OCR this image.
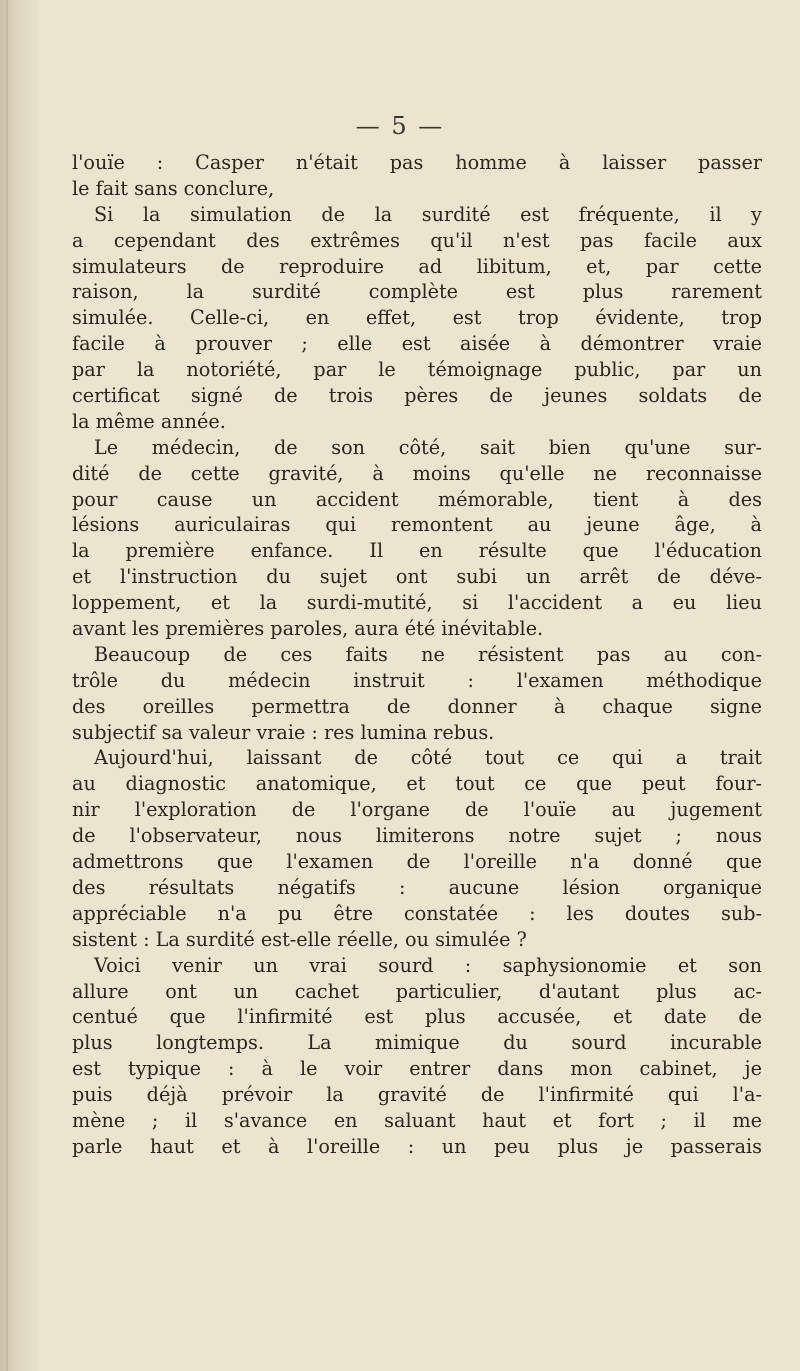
— 5 —
l'ouïe : Casper n'était pas homme à laisser passer
le fait sans conclure,
Si la simulation de la surdité est fréquente, il y
a cependant des extrêmes qu'il n'est pas facile aux
simulateurs de reproduire ad libitum, et, par cette
raison, la surdité complète est plus rarement
simulée. Celle-ci, en effet, est trop évidente, trop
facile à prouver ; elle est aisée à démontrer vraie
par la notoriété, par le témoignage public, par un
certificat signé de trois pères de jeunes soldats de
la même année.
Le médecin, de son côté, sait bien qu'une sur-
dité de cette gravité, à moins qu'elle ne reconnaisse
pour cause un accident mémorable, tient à des
lésions auriculairas qui remontent au jeune âge, à
la première enfance. Il en résulte que l'éducation
et l'instruction du sujet ont subi un arrêt de déve-
loppement, et la surdi-mutité, si l'accident a eu lieu
avant les premières paroles, aura été inévitable.
Beaucoup de ces faits ne résistent pas au con-
trôle du médecin instruit : l'examen méthodique
des oreilles permettra de donner à chaque signe
subjectif sa valeur vraie : res lumina rebus.
Aujourd'hui, laissant de côté tout ce qui a trait
au diagnostic anatomique, et tout ce que peut four-
nir l'exploration de l'organe de l'ouïe au jugement
de l'observateur, nous limiterons notre sujet ; nous
admettrons que l'examen de l'oreille n'a donné que
des résultats négatifs : aucune lésion organique
appréciable n'a pu être constatée : les doutes sub-
sistent : La surdité est-elle réelle, ou simulée ?
Voici venir un vrai sourd : saphysionomie et son
allure ont un cachet particulier, d'autant plus ac-
centué que l'infirmité est plus accusée, et date de
plus longtemps. La mimique du sourd incurable
est typique : à le voir entrer dans mon cabinet, je
puis déjà prévoir la gravité de l'infirmité qui l'a-
mène ; il s'avance en saluant haut et fort ; il me
parle haut et à l'oreille : un peu plus je passerais
